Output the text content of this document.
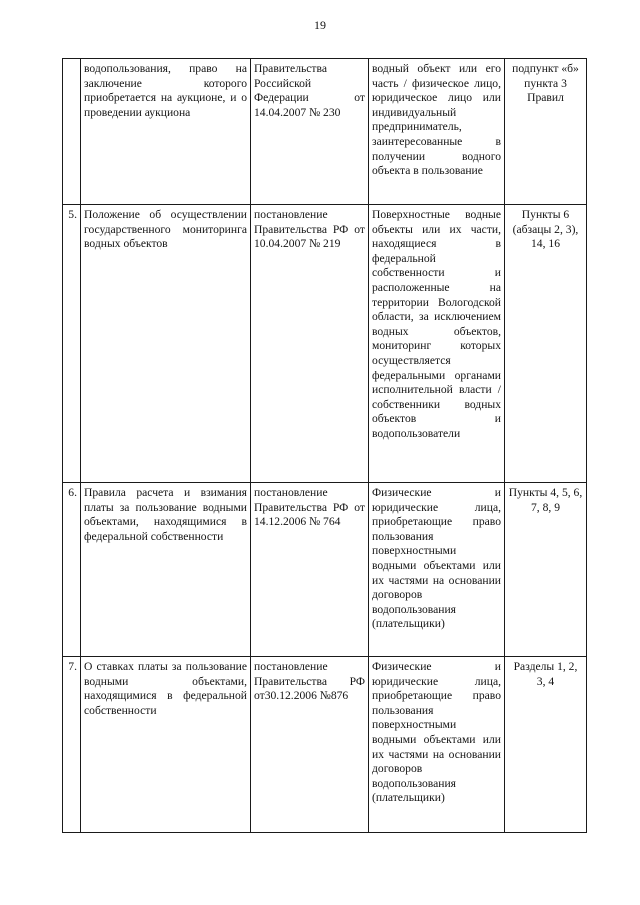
19
	водопользования, право на заключение которого приобретается на аукционе, и о проведении аукциона	Правительства Российской Федерации от 14.04.2007 № 230	водный объект или его часть / физическое лицо, юридическое лицо или индивидуальный предприниматель, заинтересованные в получении водного объекта в пользование	подпункт «б» пункта 3 Правил
5.	Положение об осуществлении государственного мониторинга водных объектов	постановление Правительства РФ от 10.04.2007 № 219	Поверхностные водные объекты или их части, находящиеся в федеральной собственности и расположенные на территории Вологодской области, за исключением водных объектов, мониторинг которых осуществляется федеральными органами исполнительной власти / собственники водных объектов и водопользователи	Пункты 6 (абзацы 2, 3), 14, 16
6.	Правила расчета и взимания платы за пользование водными объектами, находящимися в федеральной собственности	постановление Правительства РФ от 14.12.2006 № 764	Физические и юридические лица, приобретающие право пользования поверхностными водными объектами или их частями на основании договоров водопользования (плательщики)	Пункты 4, 5, 6, 7, 8, 9
7.	О ставках платы за пользование водными объектами, находящимися в федеральной собственности	постановление Правительства РФ от30.12.2006 №876	Физические и юридические лица, приобретающие право пользования поверхностными водными объектами или их частями на основании договоров водопользования (плательщики)	Разделы 1, 2, 3, 4
